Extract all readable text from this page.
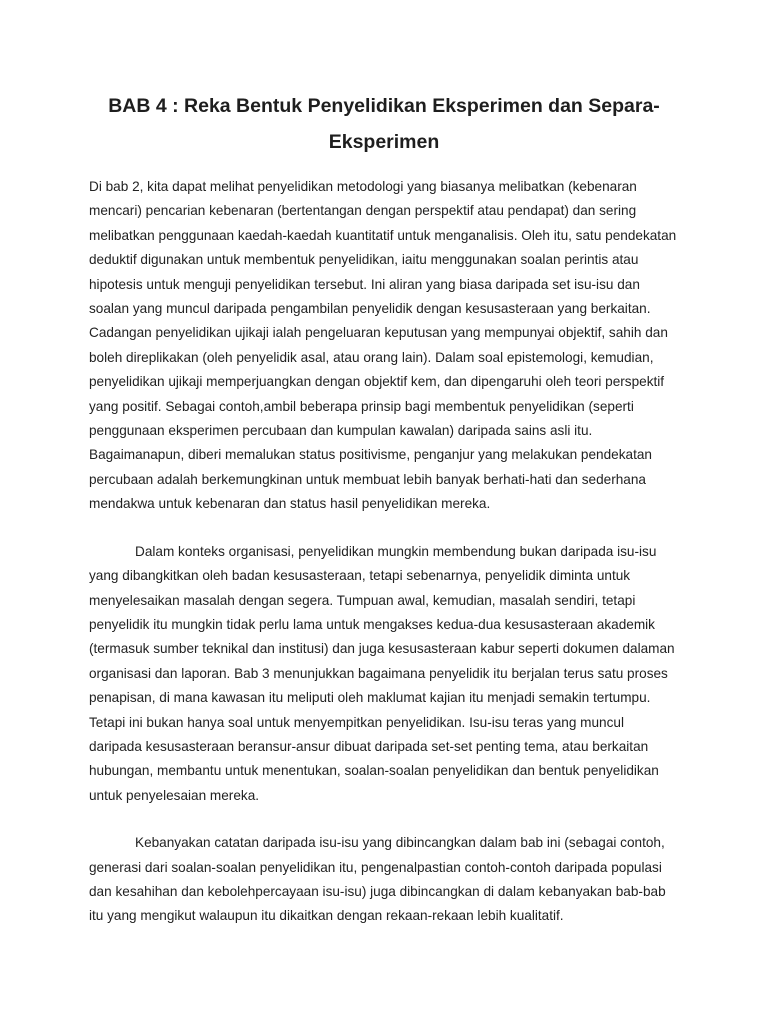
BAB 4 : Reka Bentuk Penyelidikan Eksperimen dan Separa-Eksperimen

Di bab 2, kita dapat melihat penyelidikan metodologi yang biasanya melibatkan (kebenaran mencari) pencarian kebenaran (bertentangan dengan perspektif atau pendapat) dan sering melibatkan penggunaan kaedah-kaedah kuantitatif untuk menganalisis. Oleh itu, satu pendekatan deduktif digunakan untuk membentuk penyelidikan, iaitu menggunakan soalan perintis atau hipotesis untuk menguji penyelidikan tersebut. Ini aliran yang biasa daripada set isu-isu dan soalan yang muncul daripada pengambilan penyelidik dengan kesusasteraan yang berkaitan. Cadangan penyelidikan ujikaji ialah pengeluaran keputusan yang mempunyai objektif, sahih dan boleh direplikakan (oleh penyelidik asal, atau orang lain). Dalam soal epistemologi, kemudian, penyelidikan ujikaji memperjuangkan dengan objektif kem, dan dipengaruhi oleh teori perspektif yang positif. Sebagai contoh,ambil beberapa prinsip bagi membentuk penyelidikan (seperti penggunaan eksperimen percubaan dan kumpulan kawalan) daripada sains asli itu. Bagaimanapun, diberi memalukan status positivisme, penganjur yang melakukan pendekatan percubaan adalah berkemungkinan untuk membuat lebih banyak berhati-hati dan sederhana mendakwa untuk kebenaran dan status hasil penyelidikan mereka.

Dalam konteks organisasi, penyelidikan mungkin membendung bukan daripada isu-isu yang dibangkitkan oleh badan kesusasteraan, tetapi sebenarnya, penyelidik diminta untuk menyelesaikan masalah dengan segera. Tumpuan awal, kemudian, masalah sendiri, tetapi penyelidik itu mungkin tidak perlu lama untuk mengakses kedua-dua kesusasteraan akademik (termasuk sumber teknikal dan institusi) dan juga kesusasteraan kabur seperti dokumen dalaman organisasi dan laporan. Bab 3 menunjukkan bagaimana penyelidik itu berjalan terus satu proses penapisan, di mana kawasan itu meliputi oleh maklumat kajian itu menjadi semakin tertumpu. Tetapi ini bukan hanya soal untuk menyempitkan penyelidikan. Isu-isu teras yang muncul daripada kesusasteraan beransur-ansur dibuat daripada set-set penting tema, atau berkaitan hubungan, membantu untuk menentukan, soalan-soalan penyelidikan dan bentuk penyelidikan untuk penyelesaian mereka.

Kebanyakan catatan daripada isu-isu yang dibincangkan dalam bab ini (sebagai contoh, generasi dari soalan-soalan penyelidikan itu, pengenalpastian contoh-contoh daripada populasi dan kesahihan dan kebolehpercayaan isu-isu) juga dibincangkan di dalam kebanyakan bab-bab itu yang mengikut walaupun itu dikaitkan dengan rekaan-rekaan lebih kualitatif.
